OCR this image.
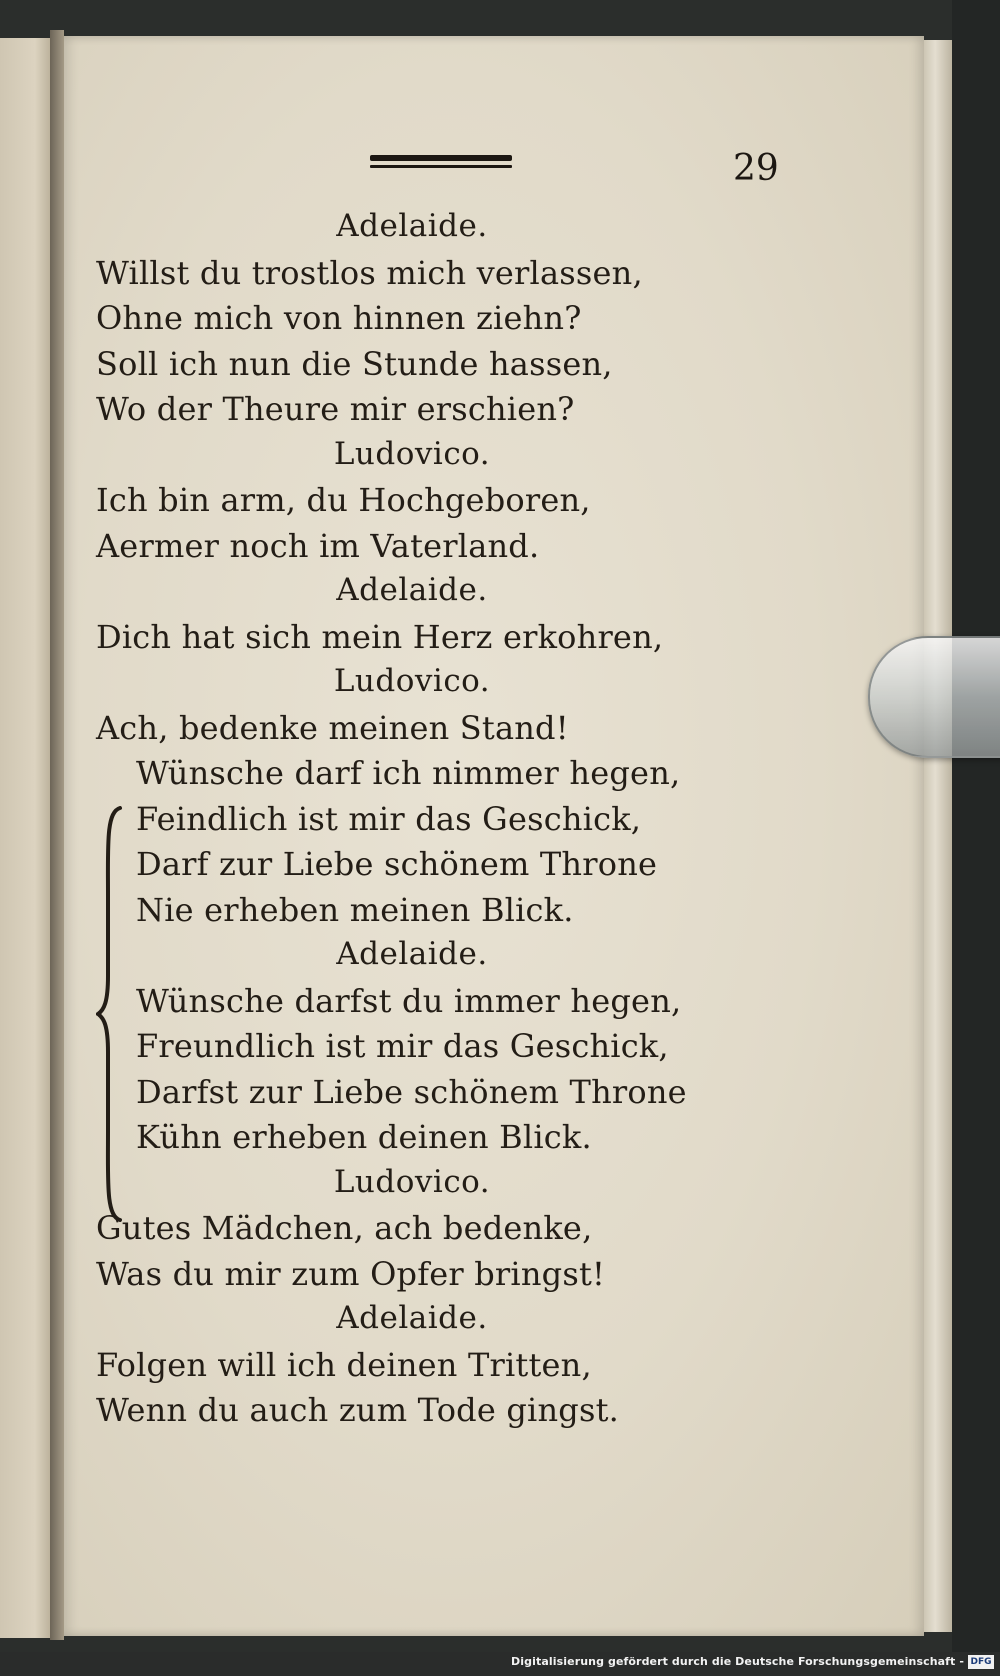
29
Adelaide.
Willst du trostlos mich verlassen,
Ohne mich von hinnen ziehn?
Soll ich nun die Stunde hassen,
Wo der Theure mir erschien?
Ludovico.
Ich bin arm, du Hochgeboren,
Aermer noch im Vaterland.
Adelaide.
Dich hat sich mein Herz erkohren,
Ludovico.
Ach, bedenke meinen Stand!
Wünsche darf ich nimmer hegen,
Feindlich ist mir das Geschick,
Darf zur Liebe schönem Throne
Nie erheben meinen Blick.
Adelaide.
Wünsche darfst du immer hegen,
Freundlich ist mir das Geschick,
Darfst zur Liebe schönem Throne
Kühn erheben deinen Blick.
Ludovico.
Gutes Mädchen, ach bedenke,
Was du mir zum Opfer bringst!
Adelaide.
Folgen will ich deinen Tritten,
Wenn du auch zum Tode gingst.
Digitalisierung gefördert durch die Deutsche Forschungsgemeinschaft - DFG
